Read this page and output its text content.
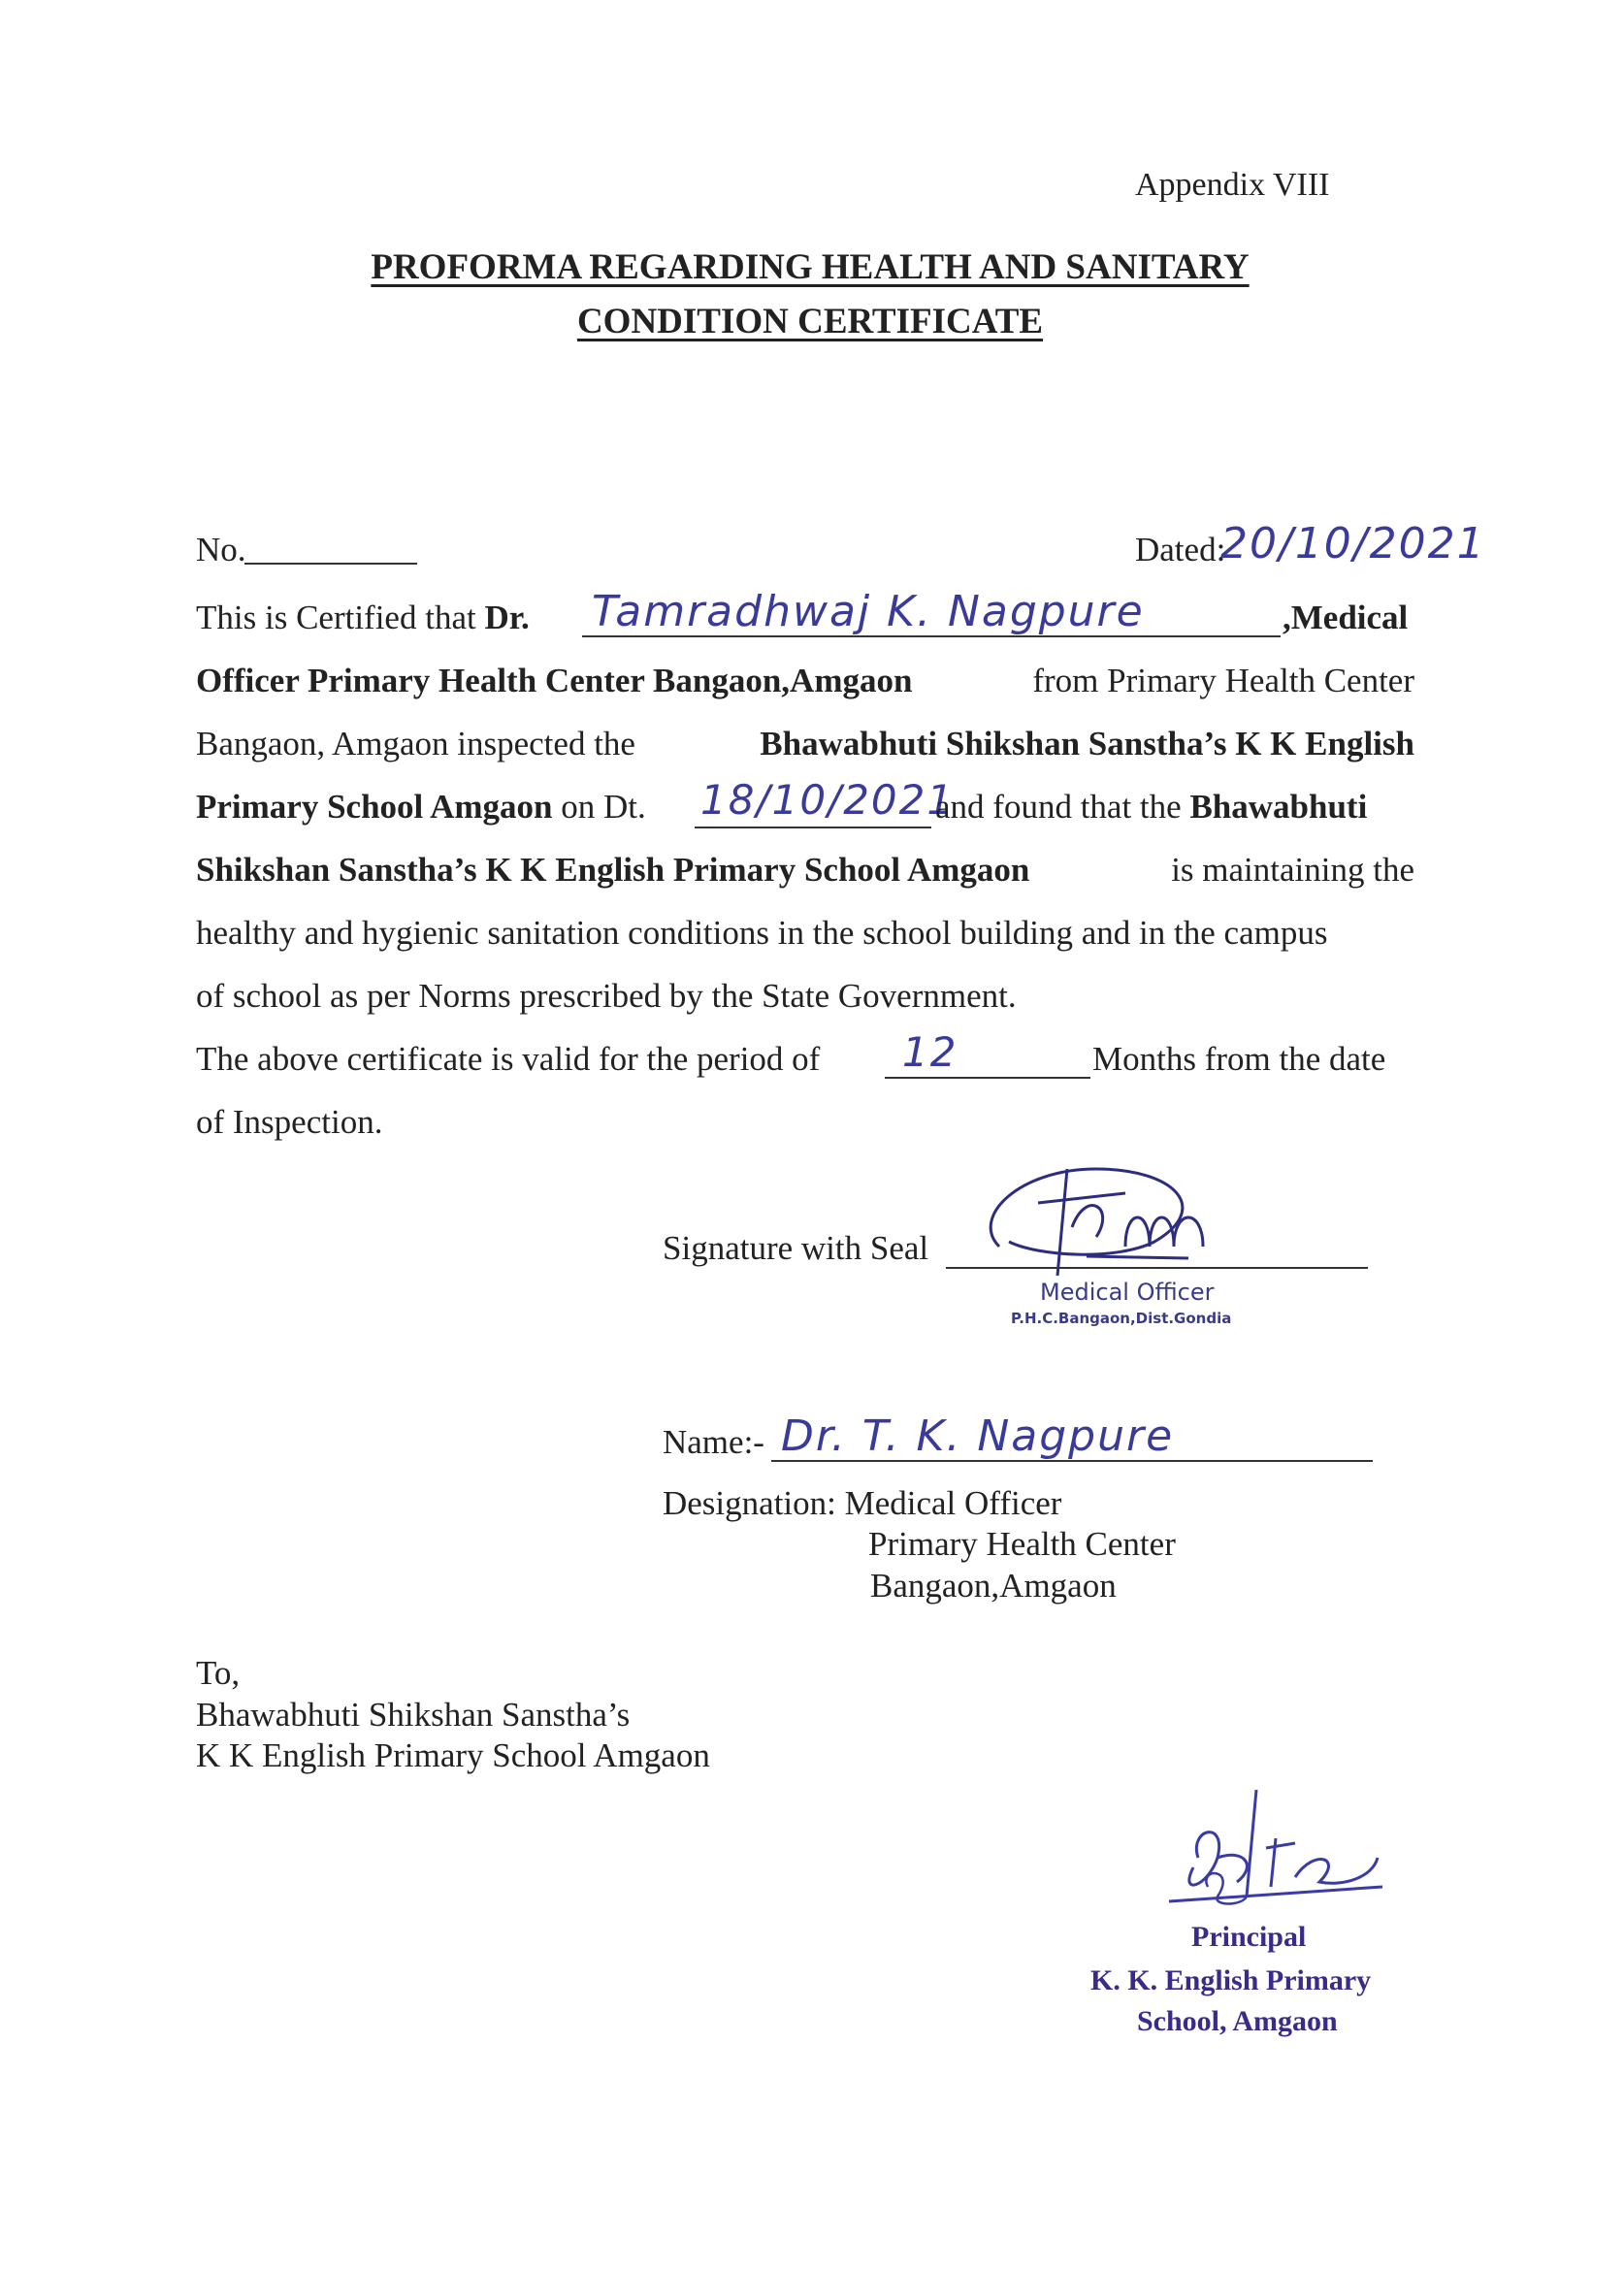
Appendix VIII
PROFORMA REGARDING HEALTH AND SANITARY
CONDITION CERTIFICATE
No.	Dated:
20/10/2021
This is Certified that Dr. Tamradhwaj K. Nagpure	,Medical
Officer Primary Health Center Bangaon,Amgaon	from Primary Health Center
Bangaon, Amgaon inspected the	Bhawabhuti Shikshan Sanstha’s K K English
Primary School Amgaon on Dt. 18/10/2021
and found that the Bhawabhuti
Shikshan Sanstha’s K K English Primary School Amgaon	is maintaining the
healthy and hygienic sanitation conditions in the school building and in the campus
of school as per Norms prescribed by the State Government.
The above certificate is valid for the period of 12	Months from the date
of Inspection.
Signature with Seal
Medical Officer
P.H.C.Bangaon,Dist.Gondia
Name:- Dr. T. K. Nagpure
Designation: Medical Officer
Primary Health Center
Bangaon,Amgaon
To,
Bhawabhuti Shikshan Sanstha’s
K K English Primary School Amgaon
Principal
K. K. English Primary
School, Amgaon
